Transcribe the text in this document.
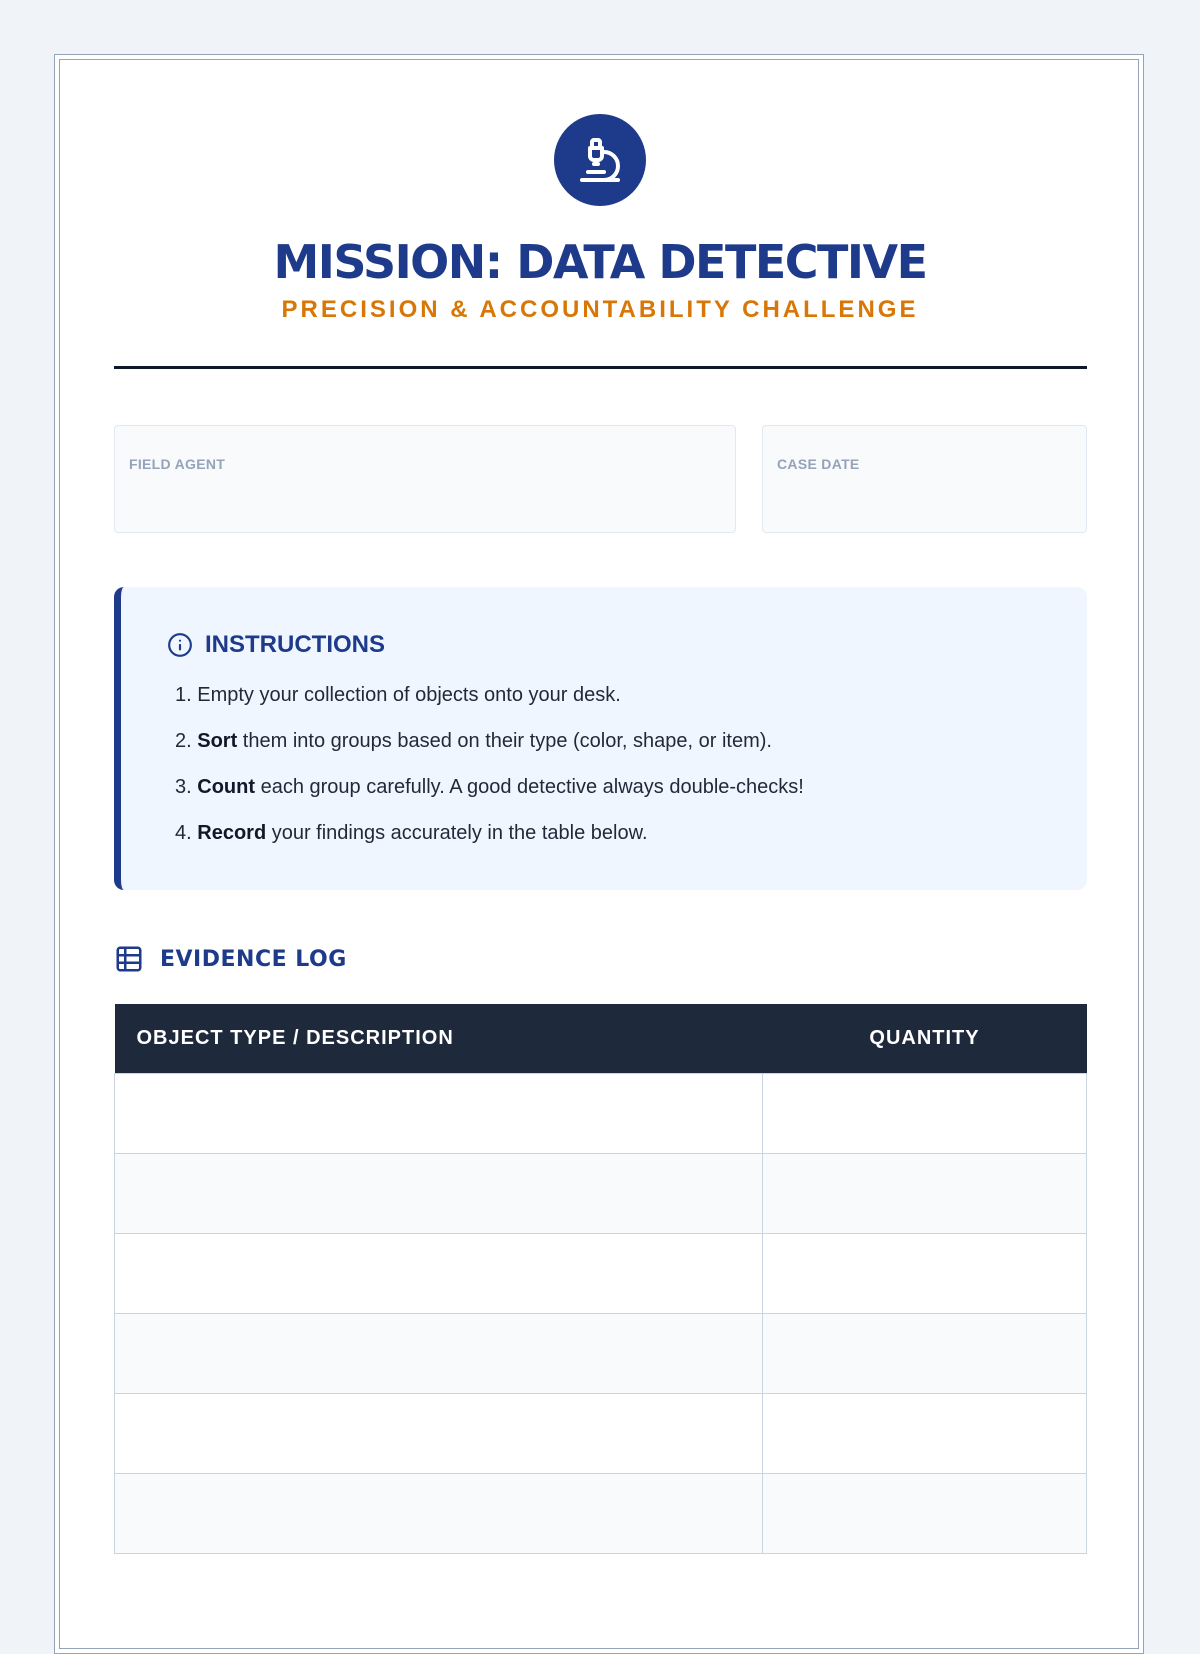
MISSION: DATA DETECTIVE
PRECISION & ACCOUNTABILITY CHALLENGE
FIELD AGENT	CASE DATE
INSTRUCTIONS
1. Empty your collection of objects onto your desk.
2. Sort them into groups based on their type (color, shape, or item).
3. Count each group carefully. A good detective always double-checks!
4. Record your findings accurately in the table below.
EVIDENCE LOG
OBJECT TYPE / DESCRIPTION	QUANTITY
